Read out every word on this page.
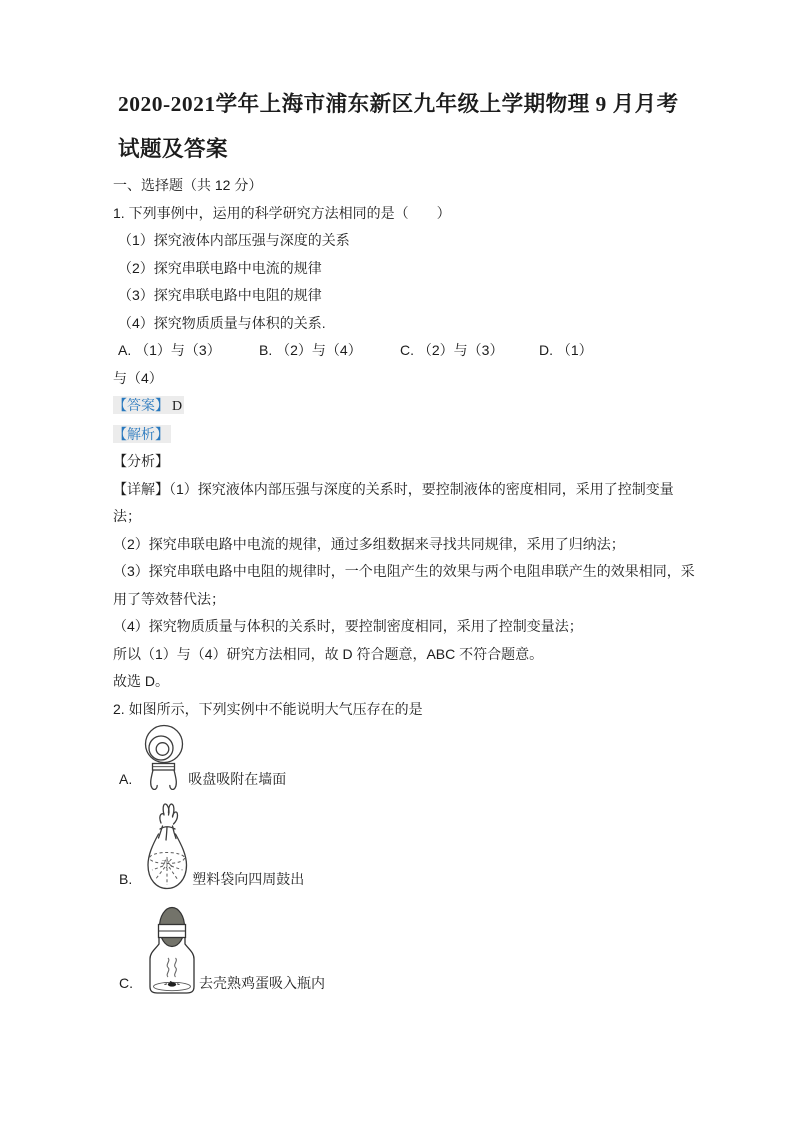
2020-2021学年上海市浦东新区九年级上学期物理 9 月月考
试题及答案
一、选择题（共 12 分）
1. 下列事例中，运用的科学研究方法相同的是（　　）
（1）探究液体内部压强与深度的关系
（2）探究串联电路中电流的规律
（3）探究串联电路中电阻的规律
（4）探究物质质量与体积的关系.
A. （1）与（3）	B. （2）与（4）	C. （2）与（3）	D. （1）
与（4）
【答案】 D
【解析】
【分析】
【详解】（1）探究液体内部压强与深度的关系时，要控制液体的密度相同，采用了控制变量法；
（2）探究串联电路中电流的规律，通过多组数据来寻找共同规律，采用了归纳法；
（3）探究串联电路中电阻的规律时，一个电阻产生的效果与两个电阻串联产生的效果相同，采用了等效替代法；
（4）探究物质质量与体积的关系时，要控制密度相同，采用了控制变量法；
所以（1）与（4）研究方法相同，故 D 符合题意，ABC 不符合题意。
故选 D。
2. 如图所示，下列实例中不能说明大气压存在的是
A.	吸盘吸附在墙面
B.
水
塑料袋向四周鼓出
C.	去壳熟鸡蛋吸入瓶内
